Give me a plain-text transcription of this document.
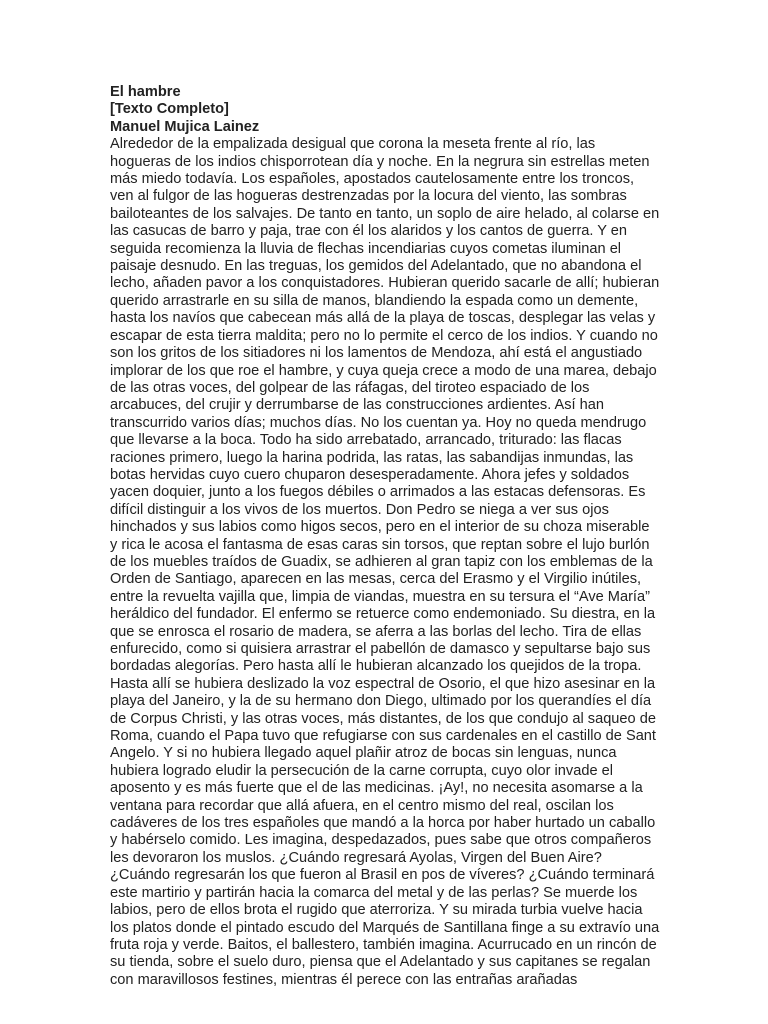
El hambre

[Texto Completo]

Manuel Mujica Lainez

Alrededor de la empalizada desigual que corona la meseta frente al río, las hogueras de los indios chisporrotean día y noche. En la negrura sin estrellas meten más miedo todavía. Los españoles, apostados cautelosamente entre los troncos, ven al fulgor de las hogueras destrenzadas por la locura del viento, las sombras bailoteantes de los salvajes. De tanto en tanto, un soplo de aire helado, al colarse en las casucas de barro y paja, trae con él los alaridos y los cantos de guerra. Y en seguida recomienza la lluvia de flechas incendiarias cuyos cometas iluminan el paisaje desnudo. En las treguas, los gemidos del Adelantado, que no abandona el lecho, añaden pavor a los conquistadores. Hubieran querido sacarle de allí; hubieran querido arrastrarle en su silla de manos, blandiendo la espada como un demente, hasta los navíos que cabecean más allá de la playa de toscas, desplegar las velas y escapar de esta tierra maldita; pero no lo permite el cerco de los indios. Y cuando no son los gritos de los sitiadores ni los lamentos de Mendoza, ahí está el angustiado implorar de los que roe el hambre, y cuya queja crece a modo de una marea, debajo de las otras voces, del golpear de las ráfagas, del tiroteo espaciado de los arcabuces, del crujir y derrumbarse de las construcciones ardientes. Así han transcurrido varios días; muchos días. No los cuentan ya. Hoy no queda mendrugo que llevarse a la boca. Todo ha sido arrebatado, arrancado, triturado: las flacas raciones primero, luego la harina podrida, las ratas, las sabandijas inmundas, las botas hervidas cuyo cuero chuparon desesperadamente. Ahora jefes y soldados yacen doquier, junto a los fuegos débiles o arrimados a las estacas defensoras. Es difícil distinguir a los vivos de los muertos. Don Pedro se niega a ver sus ojos hinchados y sus labios como higos secos, pero en el interior de su choza miserable y rica le acosa el fantasma de esas caras sin torsos, que reptan sobre el lujo burlón de los muebles traídos de Guadix, se adhieren al gran tapiz con los emblemas de la Orden de Santiago, aparecen en las mesas, cerca del Erasmo y el Virgilio inútiles, entre la revuelta vajilla que, limpia de viandas, muestra en su tersura el “Ave María” heráldico del fundador. El enfermo se retuerce como endemoniado. Su diestra, en la que se enrosca el rosario de madera, se aferra a las borlas del lecho. Tira de ellas enfurecido, como si quisiera arrastrar el pabellón de damasco y sepultarse bajo sus bordadas alegorías. Pero hasta allí le hubieran alcanzado los quejidos de la tropa. Hasta allí se hubiera deslizado la voz espectral de Osorio, el que hizo asesinar en la playa del Janeiro, y la de su hermano don Diego, ultimado por los querandíes el día de Corpus Christi, y las otras voces, más distantes, de los que condujo al saqueo de Roma, cuando el Papa tuvo que refugiarse con sus cardenales en el castillo de Sant Angelo. Y si no hubiera llegado aquel plañir atroz de bocas sin lenguas, nunca hubiera logrado eludir la persecución de la carne corrupta, cuyo olor invade el aposento y es más fuerte que el de las medicinas. ¡Ay!, no necesita asomarse a la ventana para recordar que allá afuera, en el centro mismo del real, oscilan los cadáveres de los tres españoles que mandó a la horca por haber hurtado un caballo y habérselo comido. Les imagina, despedazados, pues sabe que otros compañeros les devoraron los muslos. ¿Cuándo regresará Ayolas, Virgen del Buen Aire? ¿Cuándo regresarán los que fueron al Brasil en pos de víveres? ¿Cuándo terminará este martirio y partirán hacia la comarca del metal y de las perlas? Se muerde los labios, pero de ellos brota el rugido que aterroriza. Y su mirada turbia vuelve hacia los platos donde el pintado escudo del Marqués de Santillana finge a su extravío una fruta roja y verde. Baitos, el ballestero, también imagina. Acurrucado en un rincón de su tienda, sobre el suelo duro, piensa que el Adelantado y sus capitanes se regalan con maravillosos festines, mientras él perece con las entrañas arañadas
